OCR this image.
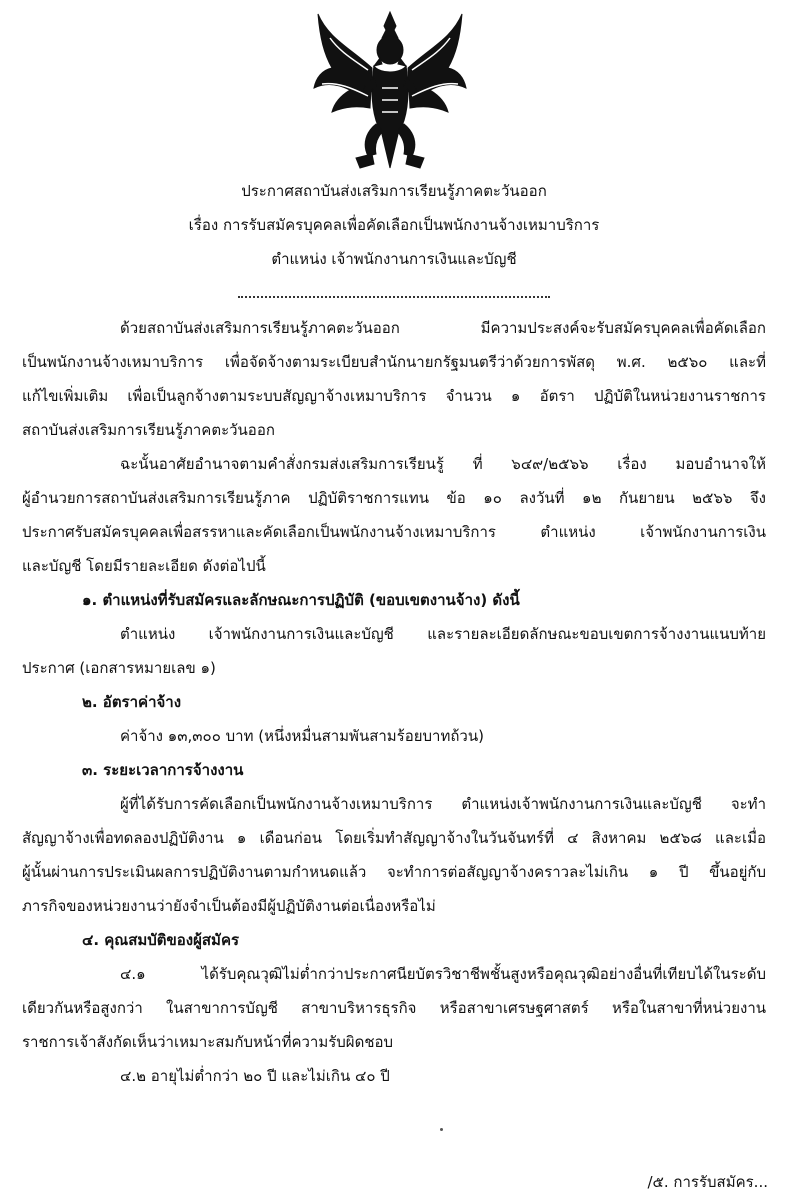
ประกาศสถาบันส่งเสริมการเรียนรู้ภาคตะวันออก
เรื่อง การรับสมัครบุคคลเพื่อคัดเลือกเป็นพนักงานจ้างเหมาบริการ
ตำแหน่ง เจ้าพนักงานการเงินและบัญชี
ด้วยสถาบันส่งเสริมการเรียนรู้ภาคตะวันออก มีความประสงค์จะรับสมัครบุคคลเพื่อคัดเลือก
เป็นพนักงานจ้างเหมาบริการ เพื่อจัดจ้างตามระเบียบสำนักนายกรัฐมนตรีว่าด้วยการพัสดุ พ.ศ. ๒๕๖๐ และที่
แก้ไขเพิ่มเติม เพื่อเป็นลูกจ้างตามระบบสัญญาจ้างเหมาบริการ จำนวน ๑ อัตรา ปฏิบัติในหน่วยงานราชการ
สถาบันส่งเสริมการเรียนรู้ภาคตะวันออก
ฉะนั้นอาศัยอำนาจตามคำสั่งกรมส่งเสริมการเรียนรู้ ที่ ๖๔๙/๒๕๖๖ เรื่อง มอบอำนาจให้
ผู้อำนวยการสถาบันส่งเสริมการเรียนรู้ภาค ปฏิบัติราชการแทน ข้อ ๑๐ ลงวันที่ ๑๒ กันยายน ๒๕๖๖ จึง
ประกาศรับสมัครบุคคลเพื่อสรรหาและคัดเลือกเป็นพนักงานจ้างเหมาบริการ ตำแหน่ง เจ้าพนักงานการเงิน
และบัญชี โดยมีรายละเอียด ดังต่อไปนี้
๑. ตำแหน่งที่รับสมัครและลักษณะการปฏิบัติ (ขอบเขตงานจ้าง) ดังนี้
ตำแหน่ง เจ้าพนักงานการเงินและบัญชี และรายละเอียดลักษณะขอบเขตการจ้างงานแนบท้าย
ประกาศ (เอกสารหมายเลข ๑)
๒. อัตราค่าจ้าง
ค่าจ้าง ๑๓,๓๐๐ บาท (หนึ่งหมื่นสามพันสามร้อยบาทถ้วน)
๓. ระยะเวลาการจ้างงาน
ผู้ที่ได้รับการคัดเลือกเป็นพนักงานจ้างเหมาบริการ ตำแหน่งเจ้าพนักงานการเงินและบัญชี จะทำ
สัญญาจ้างเพื่อทดลองปฏิบัติงาน ๑ เดือนก่อน โดยเริ่มทำสัญญาจ้างในวันจันทร์ที่ ๔ สิงหาคม ๒๕๖๘ และเมื่อ
ผู้นั้นผ่านการประเมินผลการปฏิบัติงานตามกำหนดแล้ว จะทำการต่อสัญญาจ้างคราวละไม่เกิน ๑ ปี ขึ้นอยู่กับ
ภารกิจของหน่วยงานว่ายังจำเป็นต้องมีผู้ปฏิบัติงานต่อเนื่องหรือไม่
๔. คุณสมบัติของผู้สมัคร
๔.๑ ได้รับคุณวุฒิไม่ต่ำกว่าประกาศนียบัตรวิชาชีพชั้นสูงหรือคุณวุฒิอย่างอื่นที่เทียบได้ในระดับ
เดียวกันหรือสูงกว่า ในสาขาการบัญชี สาขาบริหารธุรกิจ หรือสาขาเศรษฐศาสตร์ หรือในสาขาที่หน่วยงาน
ราชการเจ้าสังกัดเห็นว่าเหมาะสมกับหน้าที่ความรับผิดชอบ
๔.๒ อายุไม่ต่ำกว่า ๒๐ ปี และไม่เกิน ๔๐ ปี
/๕. การรับสมัคร...
